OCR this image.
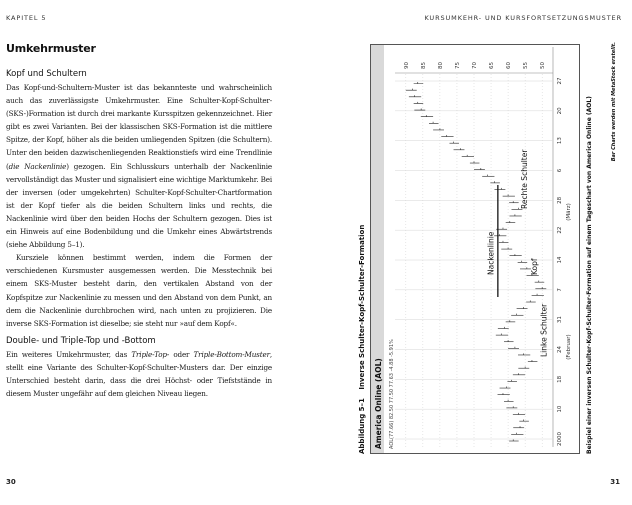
KAPITEL 5	KURSUMKEHR- UND KURSFORTSETZUNGSMUSTER
Umkehrmuster
Kopf und Schultern

Das Kopf-und-Schultern-Muster ist das bekannteste und wahrscheinlich auch das zuverlässigste Umkehrmuster. Eine Schulter-Kopf-Schulter-(SKS-)Formation ist durch drei markante Kursspitzen gekennzeichnet. Hier gibt es zwei Varianten. Bei der klassischen SKS-Formation ist die mittlere Spitze, der Kopf, höher als die beiden umliegenden Spitzen (die Schultern). Unter den beiden dazwischenliegenden Reaktionstiefs wird eine Trendlinie (die Nackenlinie) gezogen. Ein Schlusskurs unterhalb der Nackenlinie vervollständigt das Muster und signalisiert eine wichtige Marktumkehr. Bei der inversen (oder umgekehrten) Schulter-Kopf-Schulter-Chartformation ist der Kopf tiefer als die beiden Schultern links und rechts, die Nackenlinie wird über den beiden Hochs der Schultern gezogen. Dies ist ein Hinweis auf eine Bodenbildung und die Umkehr eines Abwärtstrends (siehe Abbildung 5–1).

Kursziele können bestimmt werden, indem die Formen der verschiedenen Kursmuster ausgemessen werden. Die Messtechnik bei einem SKS-Muster besteht darin, den vertikalen Abstand von der Kopfspitze zur Nackenlinie zu messen und den Abstand von dem Punkt, an dem die Nackenlinie durchbrochen wird, nach unten zu projizieren. Die inverse SKS-Formation ist dieselbe; sie steht nur »auf dem Kopf«.

Double- und Triple-Top und -Bottom

Ein weiteres Umkehrmuster, das Triple-Top- oder Triple-Bottom-Muster, stellt eine Variante des Schulter-Kopf-Schulter-Musters dar. Der einzige Unterschied besteht darin, dass die drei Höchst- oder Tiefststände in diesem Muster ungefähr auf dem gleichen Niveau liegen.

30	31
Abbildung 5–1 Inverse Schulter-Kopf-Schulter-Formation
America Online (AOL) AOL(77.66) 82.50 77.50 77.63 -4.88 -5.91%
50
55
60
65
70
75
80
85
90
2000
10
18
24
31
7
14
22
28
6
13
20
27
(Februar)
(März)
Linke Schulter
Kopf
Rechte Schulter
Nackenlinie	Beispiel einer inversen Schulter-Kopf-Schulter-Formation auf einem Tageschart von America Online (AOL)	Bar Charts werden mit MetaStock erstellt.
